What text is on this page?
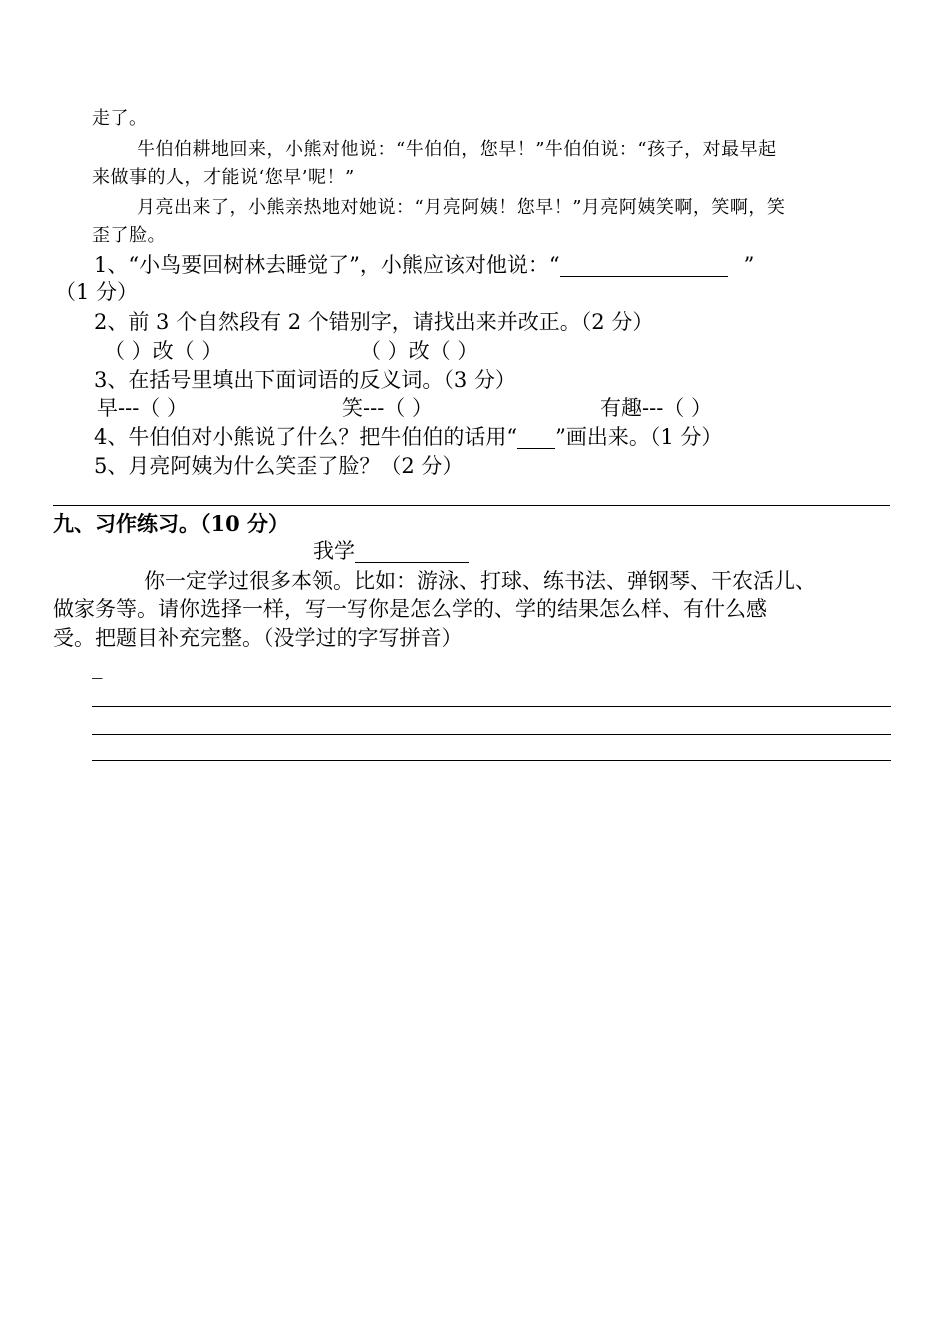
走了。
牛伯伯耕地回来，小熊对他说：“牛伯伯，您早！”牛伯伯说：“孩子，对最早起
来做事的人，才能说‘您早’呢！”
月亮出来了，小熊亲热地对她说：“月亮阿姨！您早！”月亮阿姨笑啊，笑啊，笑
歪了脸。
1、“小鸟要回树林去睡觉了”，小熊应该对他说：“	”
（1 分）
2、前 3 个自然段有 2 个错别字，请找出来并改正。（2 分）
（ ）改（ ）	（ ）改（ ）
3、在括号里填出下面词语的反义词。（3 分）
早---（ ）	笑---（ ）	有趣---（ ）
4、牛伯伯对小熊说了什么？把牛伯伯的话用“ ”画出来。（1 分）
5、月亮阿姨为什么笑歪了脸？（2 分）
九、习作练习。（10 分）
我学
你一定学过很多本领。比如：游泳、打球、练书法、弹钢琴、干农活儿、
做家务等。请你选择一样，写一写你是怎么学的、学的结果怎么样、有什么感
受。把题目补充完整。（没学过的字写拼音）
_
